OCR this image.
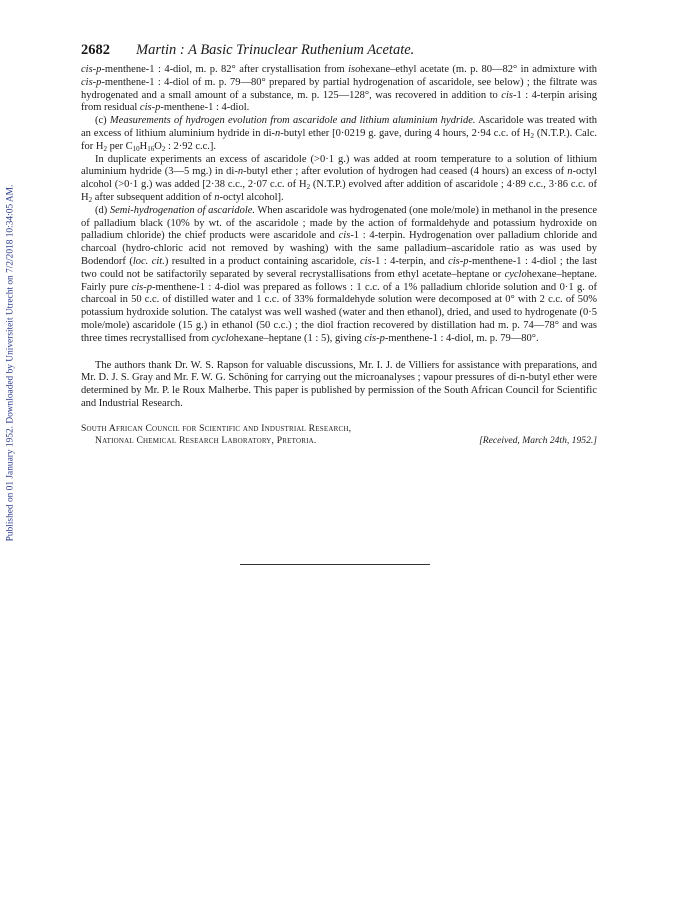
Published on 01 January 1952. Downloaded by Universiteit Utrecht on 7/2/2018 10:34:05 AM.
2682 Martin : A Basic Trinuclear Ruthenium Acetate.

cis-p-menthene-1 : 4-diol, m. p. 82° after crystallisation from isohexane–ethyl acetate (m. p. 80—82° in admixture with cis-p-menthene-1 : 4-diol of m. p. 79—80° prepared by partial hydrogenation of ascaridole, see below) ; the filtrate was hydrogenated and a small amount of a substance, m. p. 125—128°, was recovered in addition to cis-1 : 4-terpin arising from residual cis-p-menthene-1 : 4-diol.

(c) Measurements of hydrogen evolution from ascaridole and lithium aluminium hydride. Ascaridole was treated with an excess of lithium aluminium hydride in di-n-butyl ether [0·0219 g. gave, during 4 hours, 2·94 c.c. of $H_2$ (N.T.P.). Calc. for $H_2$ per $C_{10}H_{16}O_2$ : 2·92 c.c.].

In duplicate experiments an excess of ascaridole (>0·1 g.) was added at room temperature to a solution of lithium aluminium hydride (3—5 mg.) in di-n-butyl ether ; after evolution of hydrogen had ceased (4 hours) an excess of n-octyl alcohol (>0·1 g.) was added [2·38 c.c., 2·07 c.c. of $H_2$ (N.T.P.) evolved after addition of ascaridole ; 4·89 c.c., 3·86 c.c. of $H_2$ after subsequent addition of n-octyl alcohol].

(d) Semi-hydrogenation of ascaridole. When ascaridole was hydrogenated (one mole/mole) in methanol in the presence of palladium black (10% by wt. of the ascaridole ; made by the action of formaldehyde and potassium hydroxide on palladium chloride) the chief products were ascaridole and cis-1 : 4-terpin. Hydrogenation over palladium chloride and charcoal (hydro-chloric acid not removed by washing) with the same palladium–ascaridole ratio as was used by Bodendorf (loc. cit.) resulted in a product containing ascaridole, cis-1 : 4-terpin, and cis-p-menthene-1 : 4-diol ; the last two could not be satifactorily separated by several recrystallisations from ethyl acetate–heptane or cyclohexane–heptane. Fairly pure cis-p-menthene-1 : 4-diol was prepared as follows : 1 c.c. of a 1% palladium chloride solution and 0·1 g. of charcoal in 50 c.c. of distilled water and 1 c.c. of 33% formaldehyde solution were decomposed at 0° with 2 c.c. of 50% potassium hydroxide solution. The catalyst was well washed (water and then ethanol), dried, and used to hydrogenate (0·5 mole/mole) ascaridole (15 g.) in ethanol (50 c.c.) ; the diol fraction recovered by distillation had m. p. 74—78° and was three times recrystallised from cyclohexane–heptane (1 : 5), giving cis-p-menthene-1 : 4-diol, m. p. 79—80°.

The authors thank Dr. W. S. Rapson for valuable discussions, Mr. I. J. de Villiers for assistance with preparations, and Mr. D. J. S. Gray and Mr. F. W. G. Schöning for carrying out the microanalyses ; vapour pressures of di-n-butyl ether were determined by Mr. P. le Roux Malherbe. This paper is published by permission of the South African Council for Scientific and Industrial Research.

South African Council for Scientific and Industrial Research,
National Chemical Research Laboratory, Pretoria.	[Received, March 24th, 1952.]
